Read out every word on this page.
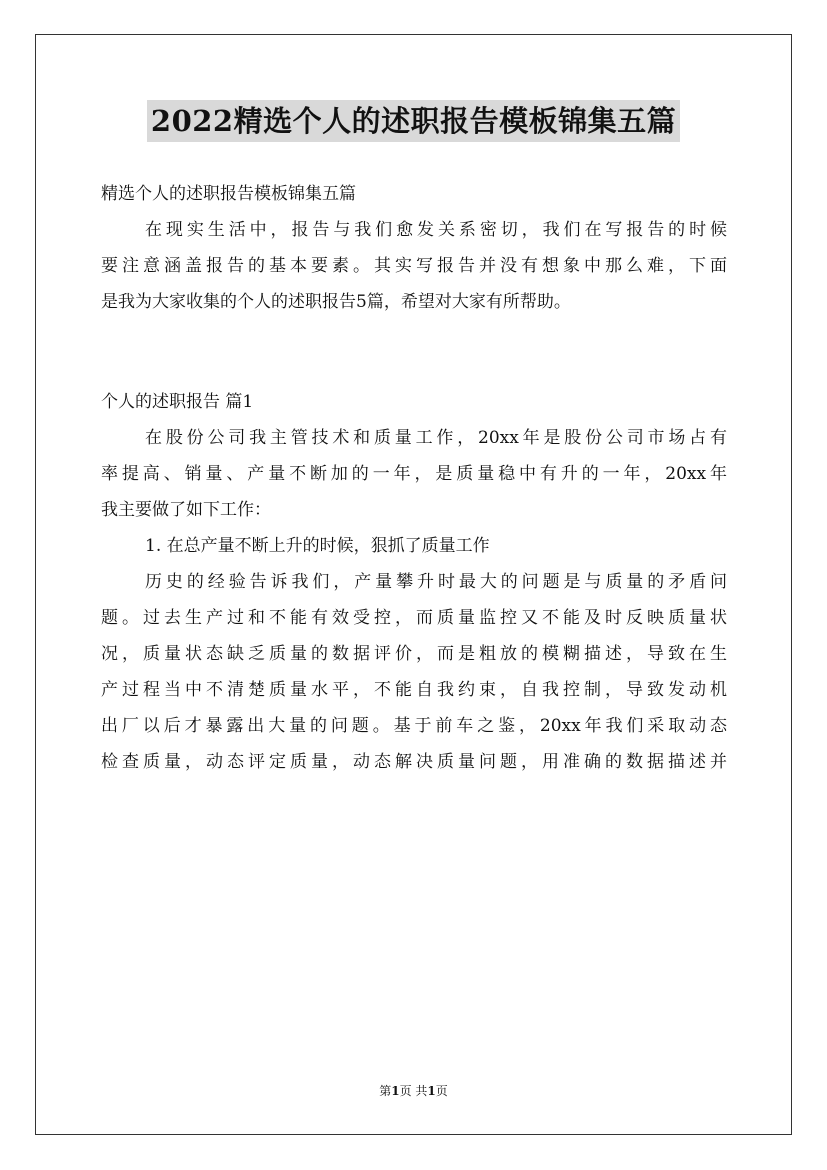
2022精选个人的述职报告模板锦集五篇

精选个人的述职报告模板锦集五篇

在现实生活中，报告与我们愈发关系密切，我们在写报告的时候

要注意涵盖报告的基本要素。其实写报告并没有想象中那么难，下面

是我为大家收集的个人的述职报告5篇，希望对大家有所帮助。

个人的述职报告 篇1

在股份公司我主管技术和质量工作，20xx年是股份公司市场占有

率提高、销量、产量不断加的一年，是质量稳中有升的一年，20xx年

我主要做了如下工作：

1. 在总产量不断上升的时候，狠抓了质量工作

历史的经验告诉我们，产量攀升时最大的问题是与质量的矛盾问

题。过去生产过和不能有效受控，而质量监控又不能及时反映质量状

况，质量状态缺乏质量的数据评价，而是粗放的模糊描述，导致在生

产过程当中不清楚质量水平，不能自我约束，自我控制，导致发动机

出厂以后才暴露出大量的问题。基于前车之鉴，20xx年我们采取动态

检查质量，动态评定质量，动态解决质量问题，用准确的数据描述并

第1页 共1页
